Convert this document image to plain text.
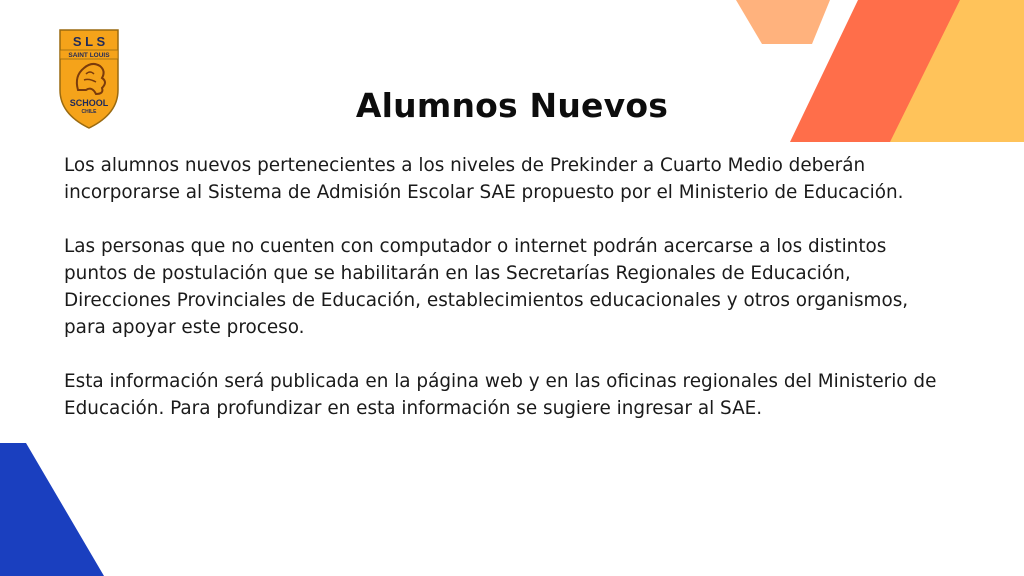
S L S
SAINT LOUIS
SCHOOL
CHILE	Alumnos Nuevos

Los alumnos nuevos pertenecientes a los niveles de Prekinder a Cuarto Medio deberán
incorporarse al Sistema de Admisión Escolar SAE propuesto por el Ministerio de Educación.

Las personas que no cuenten con computador o internet podrán acercarse a los distintos
puntos de postulación que se habilitarán en las Secretarías Regionales de Educación,
Direcciones Provinciales de Educación, establecimientos educacionales y otros organismos,
para apoyar este proceso.

Esta información será publicada en la página web y en las oficinas regionales del Ministerio de
Educación. Para profundizar en esta información se sugiere ingresar al SAE.
